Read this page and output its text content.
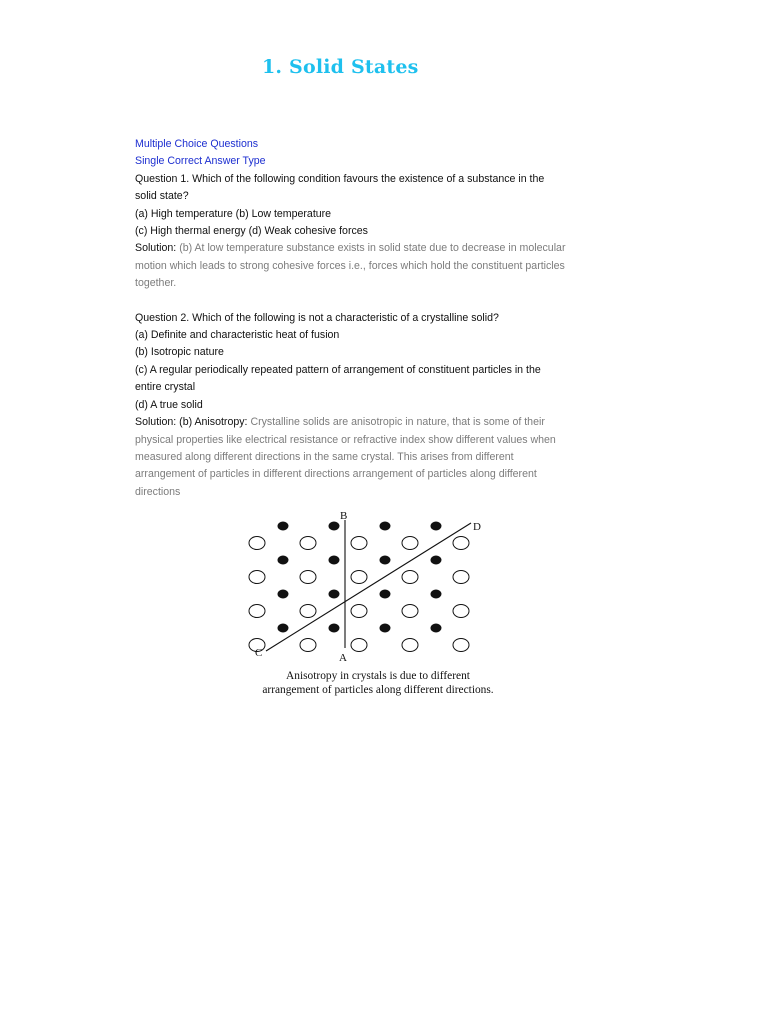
1. Solid States

Multiple Choice Questions

Single Correct Answer Type

Question 1. Which of the following condition favours the existence of a substance in the

solid state?

(a) High temperature (b) Low temperature

(c) High thermal energy (d) Weak cohesive forces

Solution: (b) At low temperature substance exists in solid state due to decrease in molecular

motion which leads to strong cohesive forces i.e., forces which hold the constituent particles

together.

Question 2. Which of the following is not a characteristic of a crystalline solid?

(a) Definite and characteristic heat of fusion

(b) Isotropic nature

(c) A regular periodically repeated pattern of arrangement of constituent particles in the

entire crystal

(d) A true solid

Solution: (b) Anisotropy: Crystalline solids are anisotropic in nature, that is some of their

physical properties like electrical resistance or refractive index show different values when

measured along different directions in the same crystal. This arises from different

arrangement of particles in different directions arrangement of particles along different

directions

B
D
C	A
Anisotropy in crystals is due to different
arrangement of particles along different directions.
